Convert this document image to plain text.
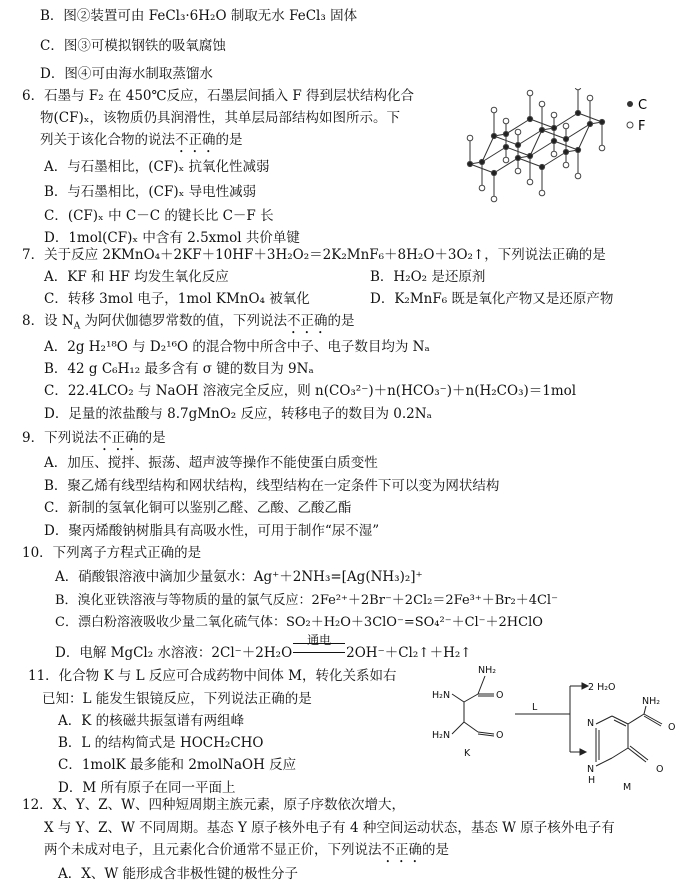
B．图②装置可由 FeCl₃·6H₂O 制取无水 FeCl₃ 固体
C．图③可模拟钢铁的吸氧腐蚀
D．图④可由海水制取蒸馏水
6．石墨与 F₂ 在 450℃反应，石墨层间插入 F 得到层状结构化合
物(CF)ₓ，该物质仍具润滑性，其单层局部结构如图所示。下
列关于该化合物的说法不正确的是
A．与石墨相比，(CF)ₓ 抗氧化性减弱
B．与石墨相比，(CF)ₓ 导电性减弱
C．(CF)ₓ 中 C－C 的键长比 C－F 长
D．1mol(CF)ₓ 中含有 2.5xmol 共价单键
C
F
7．关于反应 2KMnO₄＋2KF＋10HF＋3H₂O₂＝2K₂MnF₆＋8H₂O＋3O₂↑，下列说法正确的是
A．KF 和 HF 均发生氧化反应	B．H₂O₂ 是还原剂
C．转移 3mol 电子，1mol KMnO₄ 被氧化	D．K₂MnF₆ 既是氧化产物又是还原产物
8．设 $N_A$ 为阿伏伽德罗常数的值，下列说法不正确的是
A．2g H₂¹⁸O 与 D₂¹⁶O 的混合物中所含中子、电子数目均为 Nₐ
B．42 g C₆H₁₂ 最多含有 σ 键的数目为 9Nₐ
C．22.4LCO₂ 与 NaOH 溶液完全反应，则 n(CO₃²⁻)＋n(HCO₃⁻)＋n(H₂CO₃)＝1mol
D．足量的浓盐酸与 8.7gMnO₂ 反应，转移电子的数目为 0.2Nₐ
9．下列说法不正确的是
A．加压、搅拌、振荡、超声波等操作不能使蛋白质变性
B．聚乙烯有线型结构和网状结构，线型结构在一定条件下可以变为网状结构
C．新制的氢氧化铜可以鉴别乙醛、乙酸、乙酸乙酯
D．聚丙烯酸钠树脂具有高吸水性，可用于制作“尿不湿”
10．下列离子方程式正确的是
A．硝酸银溶液中滴加少量氨水：Ag⁺＋2NH₃=[Ag(NH₃)₂]⁺
B．溴化亚铁溶液与等物质的量的氯气反应：2Fe²⁺＋2Br⁻＋2Cl₂＝2Fe³⁺＋Br₂＋4Cl⁻
C．漂白粉溶液吸收少量二氧化硫气体：SO₂＋H₂O＋3ClO⁻=SO₄²⁻＋Cl⁻＋2HClO
D．电解 MgCl₂ 水溶液：2Cl⁻＋2H₂O
通电
2OH⁻＋Cl₂↑＋H₂↑
11．化合物 K 与 L 反应可合成药物中间体 M，转化关系如右
已知：L 能发生银镜反应，下列说法正确的是
A．K 的核磁共振氢谱有两组峰
B．L 的结构简式是 HOCH₂CHO
C．1molK 最多能和 2molNaOH 反应
D．M 所有原子在同一平面上
NH₂
H₂N
H₂N
O
O
K
L
2 H₂O
NH₂
N
N
H
O
O
M
12．X、Y、Z、W、四种短周期主族元素，原子序数依次增大，
X 与 Y、Z、W 不同周期。基态 Y 原子核外电子有 4 种空间运动状态，基态 W 原子核外电子有
两个未成对电子，且元素化合价通常不显正价，下列说法不正确的是
A．X、W 能形成含非极性键的极性分子
